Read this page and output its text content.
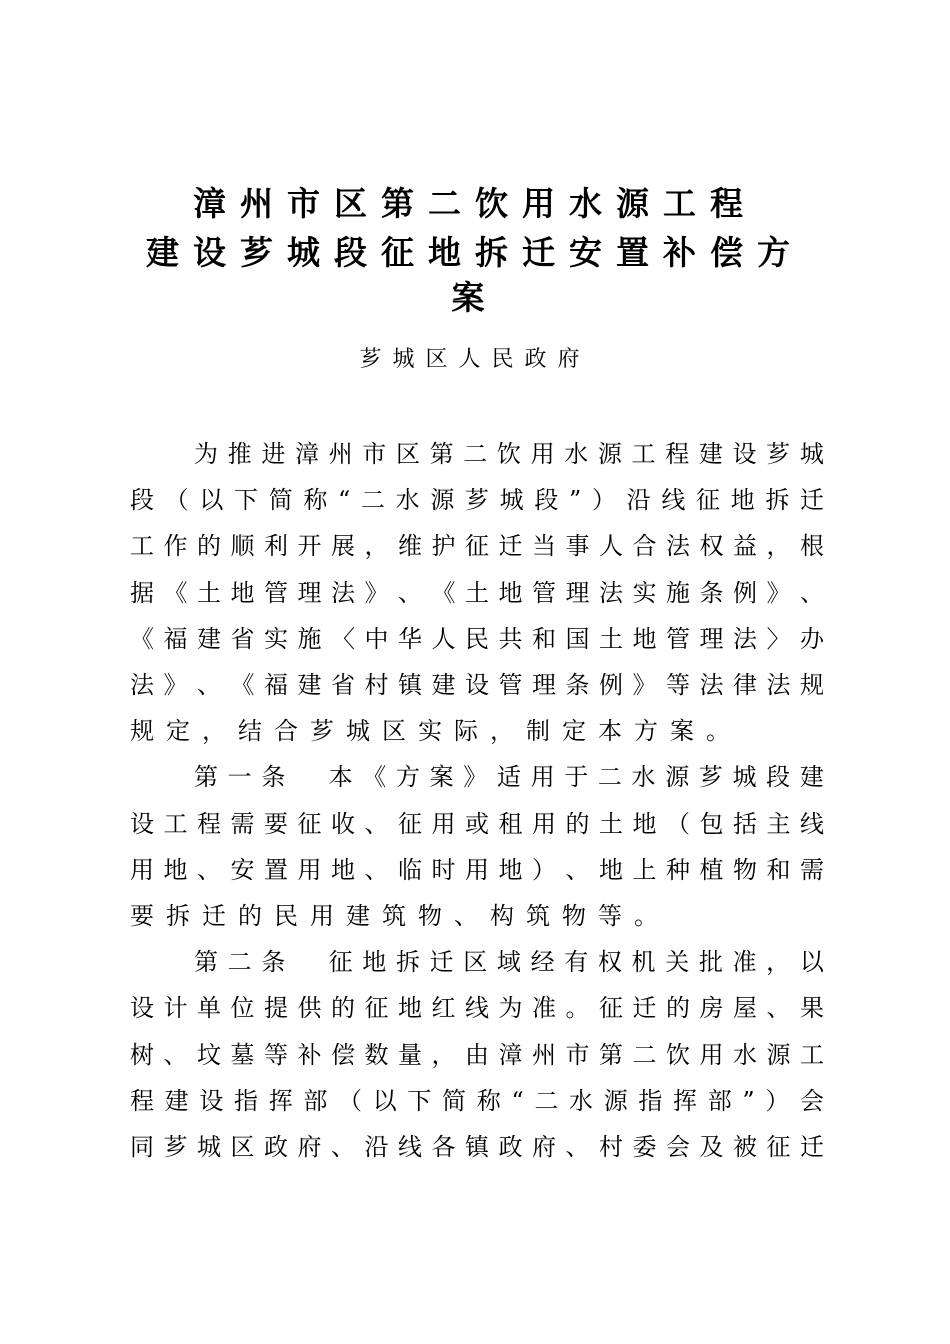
漳州市区第二饮用水源工程
建设芗城段征地拆迁安置补偿方
案
芗城区人民政府
为 推 进 漳 州 市 区 第 二 饮 用 水 源 工 程 建 设 芗 城
段 （ 以 下 简 称 “ 二 水 源 芗 城 段 ” ） 沿 线 征 地 拆 迁
工 作 的 顺 利 开 展 ， 维 护 征 迁 当 事 人 合 法 权 益 ， 根
据 《 土 地 管 理 法 》 、 《 土 地 管 理 法 实 施 条 例 》 、
《 福 建 省 实 施 〈 中 华 人 民 共 和 国 土 地 管 理 法 〉 办
法 》 、 《 福 建 省 村 镇 建 设 管 理 条 例 》 等 法 律 法 规
规 定 ， 结 合 芗 城 区 实 际 ， 制 定 本 方 案 。
第 一 条
本 《 方 案 》 适 用 于 二 水 源 芗 城 段 建
设 工 程 需 要 征 收 、 征 用 或 租 用 的 土 地 （ 包 括 主 线
用 地 、 安 置 用 地 、 临 时 用 地 ） 、 地 上 种 植 物 和 需
要 拆 迁 的 民 用 建 筑 物 、 构 筑 物 等 。
第 二 条
征 地 拆 迁 区 域 经 有 权 机 关 批 准 ， 以
设 计 单 位 提 供 的 征 地 红 线 为 准 。 征 迁 的 房 屋 、 果
树 、 坟 墓 等 补 偿 数 量 ， 由 漳 州 市 第 二 饮 用 水 源 工
程 建 设 指 挥 部 （ 以 下 简 称 “ 二 水 源 指 挥 部 ” ） 会
同 芗 城 区 政 府 、 沿 线 各 镇 政 府 、 村 委 会 及 被 征 迁
